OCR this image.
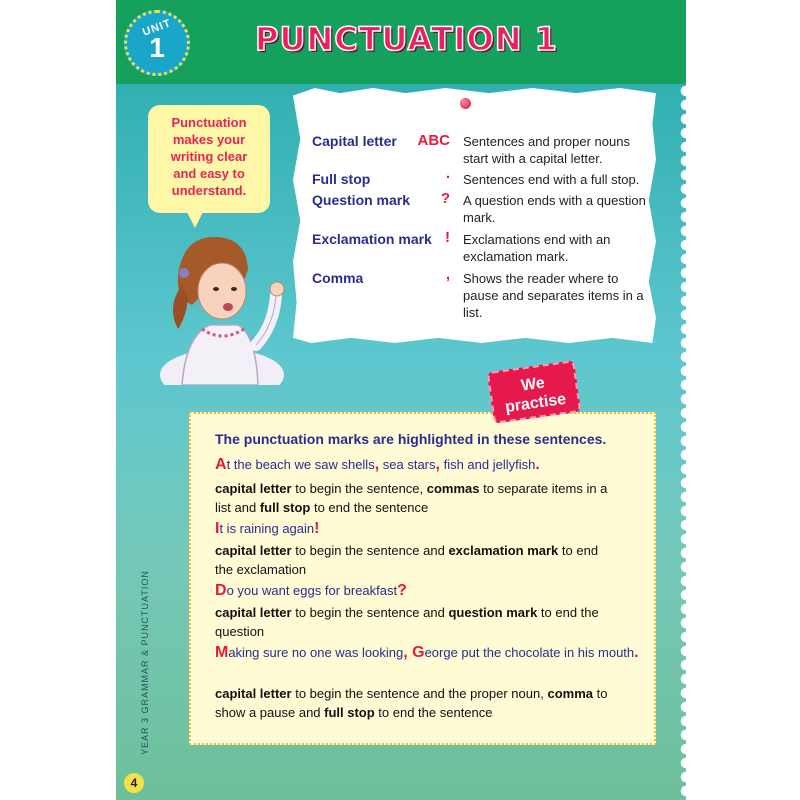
UNIT
1	PUNCTUATION 1

Punctuation

makes your

writing clear

and easy to

understand.

Capital letter	ABC Sentences and proper nouns start with a capital letter.
Full stop	. Sentences end with a full stop.
Question mark	? A question ends with a question mark.
Exclamation mark ! Exclamations end with an exclamation mark.
Comma	, Shows the reader where to pause and separates items in a list.
We
practise

The punctuation marks are highlighted in these sentences.

At the beach we saw shells, sea stars, fish and jellyfish.
capital letter to begin the sentence, commas to separate items in a list and full stop to end the sentence
It is raining again!
capital letter to begin the sentence and exclamation mark to end the exclamation
Do you want eggs for breakfast?
capital letter to begin the sentence and question mark to end the question
Making sure no one was looking, George put the chocolate in his mouth.
capital letter to begin the sentence and the proper noun, comma to show a pause and full stop to end the sentence
YEAR 3 GRAMMAR & PUNCTUATION
4
